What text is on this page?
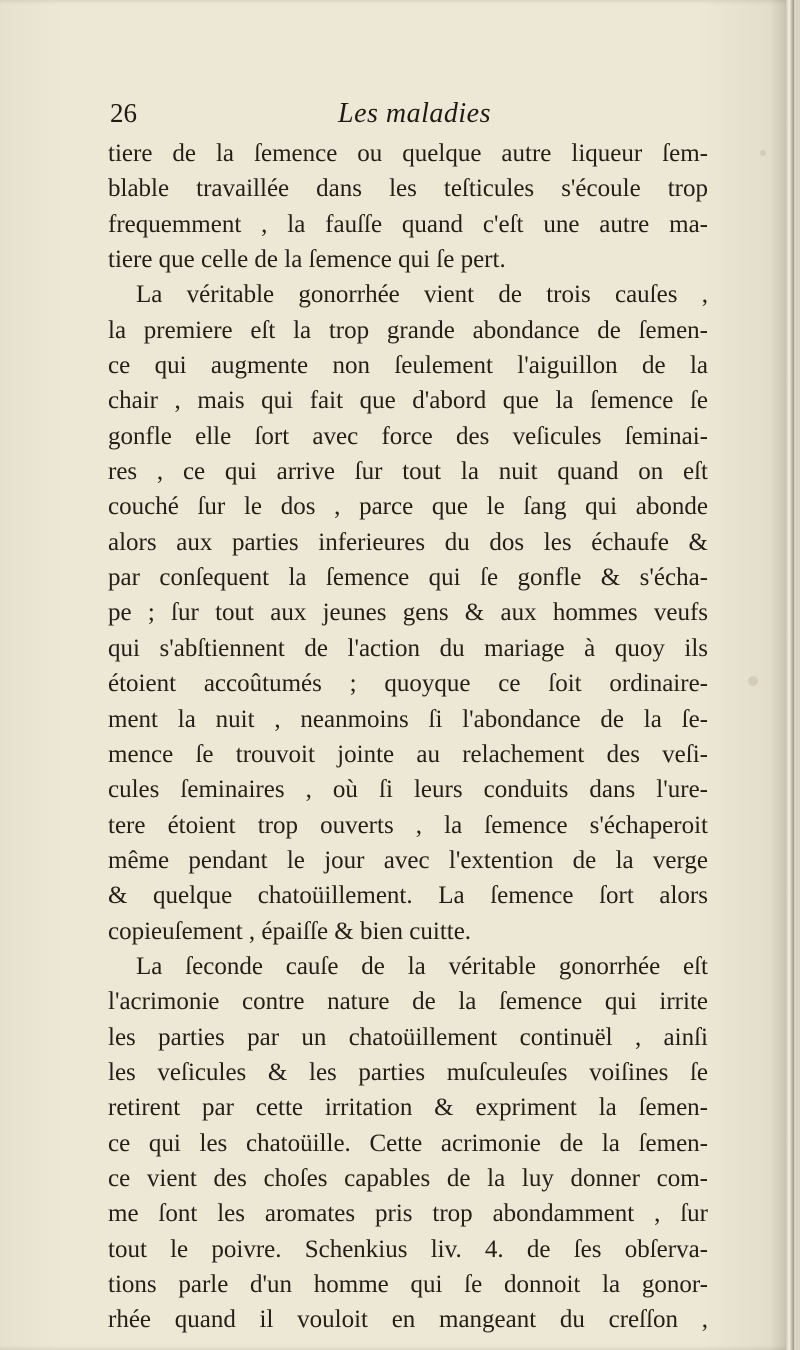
26	Les maladies
tiere de la ſemence ou quelque autre liqueur ſem-
blable travaillée dans les teſticules s'écoule trop
frequemment , la fauſſe quand c'eſt une autre ma-
tiere que celle de la ſemence qui ſe pert.
La véritable gonorrhée vient de trois cauſes ,
la premiere eſt la trop grande abondance de ſemen-
ce qui augmente non ſeulement l'aiguillon de la
chair , mais qui fait que d'abord que la ſemence ſe
gonfle elle ſort avec force des veſicules ſeminai-
res , ce qui arrive ſur tout la nuit quand on eſt
couché ſur le dos , parce que le ſang qui abonde
alors aux parties inferieures du dos les échaufe &
par conſequent la ſemence qui ſe gonfle & s'écha-
pe ; ſur tout aux jeunes gens & aux hommes veufs
qui s'abſtiennent de l'action du mariage à quoy ils
étoient accoûtumés ; quoyque ce ſoit ordinaire-
ment la nuit , neanmoins ſi l'abondance de la ſe-
mence ſe trouvoit jointe au relachement des veſi-
cules ſeminaires , où ſi leurs conduits dans l'ure-
tere étoient trop ouverts , la ſemence s'échaperoit
même pendant le jour avec l'extention de la verge
& quelque chatoüillement. La ſemence ſort alors
copieuſement , épaiſſe & bien cuitte.
La ſeconde cauſe de la véritable gonorrhée eſt
l'acrimonie contre nature de la ſemence qui irrite
les parties par un chatoüillement continuël , ainſi
les veſicules & les parties muſculeuſes voiſines ſe
retirent par cette irritation & expriment la ſemen-
ce qui les chatoüille. Cette acrimonie de la ſemen-
ce vient des choſes capables de la luy donner com-
me ſont les aromates pris trop abondamment , ſur
tout le poivre. Schenkius liv. 4. de ſes obſerva-
tions parle d'un homme qui ſe donnoit la gonor-
rhée quand il vouloit en mangeant du creſſon ,
